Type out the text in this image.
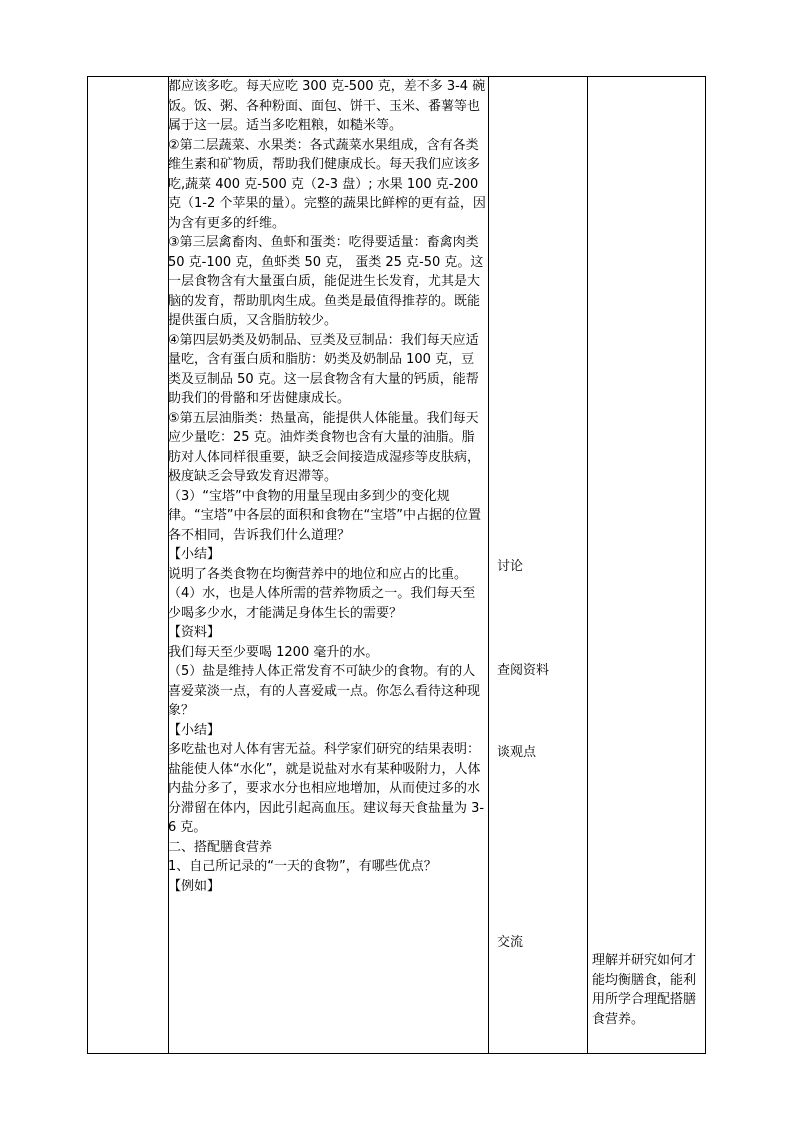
都应该多吃。每天应吃 300 克-500 克，差不多 3-4 碗饭。饭、粥、各种粉面、面包、饼干、玉米、番薯等也属于这一层。适当多吃粗粮，如糙米等。

②第二层蔬菜、水果类：各式蔬菜水果组成，含有各类维生素和矿物质，帮助我们健康成长。每天我们应该多吃,蔬菜 400 克-500 克（2-3 盘）; 水果 100 克-200 克（1-2 个苹果的量）。完整的蔬果比鲜榨的更有益，因为含有更多的纤维。

③第三层禽畜肉、鱼虾和蛋类：吃得要适量：畜禽肉类 50 克-100 克，鱼虾类 50 克， 蛋类 25 克-50 克。这一层食物含有大量蛋白质，能促进生长发育，尤其是大脑的发育，帮助肌肉生成。鱼类是最值得推荐的。既能提供蛋白质，又含脂肪较少。

④第四层奶类及奶制品、豆类及豆制品：我们每天应适量吃，含有蛋白质和脂肪：奶类及奶制品 100 克，豆类及豆制品 50 克。这一层食物含有大量的钙质，能帮助我们的骨骼和牙齿健康成长。

⑤第五层油脂类：热量高，能提供人体能量。我们每天应少量吃：25 克。油炸类食物也含有大量的油脂。脂肪对人体同样很重要，缺乏会间接造成湿疹等皮肤病，极度缺乏会导致发育迟滞等。

（3）“宝塔”中食物的用量呈现由多到少的变化规律。“宝塔”中各层的面积和食物在“宝塔”中占据的位置各不相同，告诉我们什么道理？

【小结】

说明了各类食物在均衡营养中的地位和应占的比重。

（4）水，也是人体所需的营养物质之一。我们每天至少喝多少水，才能满足身体生长的需要？

【资料】

我们每天至少要喝 1200 毫升的水。

（5）盐是维持人体正常发育不可缺少的食物。有的人喜爱菜淡一点，有的人喜爱咸一点。你怎么看待这种现象？

【小结】

多吃盐也对人体有害无益。科学家们研究的结果表明：盐能使人体“水化”，就是说盐对水有某种吸附力，人体内盐分多了，要求水分也相应地增加，从而使过多的水分滞留在体内，因此引起高血压。建议每天食盐量为 3-6 克。

二、搭配膳食营养

1、自己所记录的“一天的食物”，有哪些优点？

【例如】

讨论
查阅资料
谈观点
交流
理解并研究如何才能均衡膳食，能利用所学合理配搭膳食营养。
